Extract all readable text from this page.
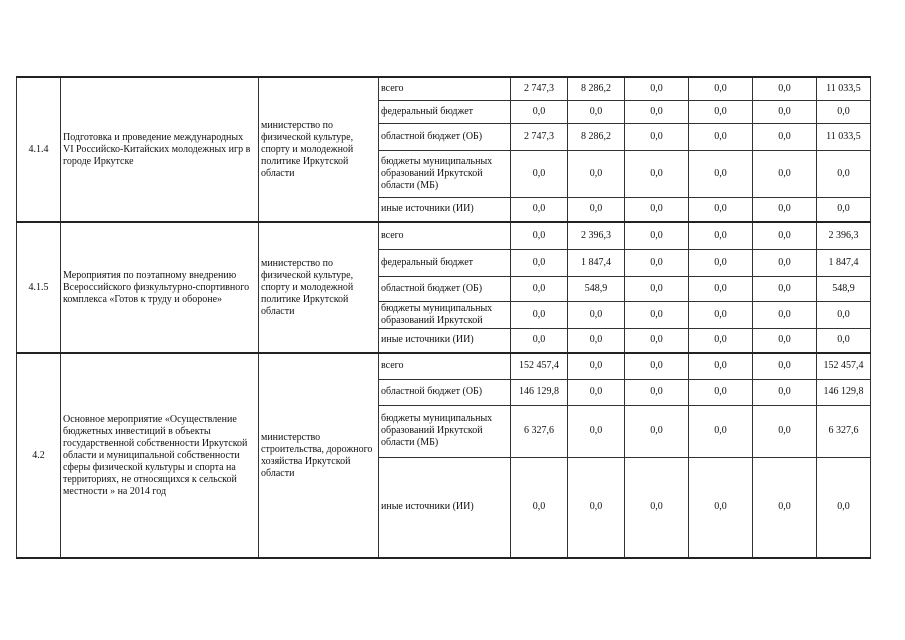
4.1.4	Подготовка и проведение международных VI Российско-Китайских молодежных игр в городе Иркутске	министерство по физической культуре, спорту и молодежной политике Иркутской области	всего	2 747,3	8 286,2	0,0	0,0	0,0	11 033,5
			федеральный бюджет	0,0	0,0	0,0	0,0	0,0	0,0
			областной бюджет (ОБ)	2 747,3	8 286,2	0,0	0,0	0,0	11 033,5
			бюджеты муниципальных образований Иркутской области (МБ)	0,0	0,0	0,0	0,0	0,0	0,0
			иные источники (ИИ)	0,0	0,0	0,0	0,0	0,0	0,0
4.1.5	Мероприятия по поэтапному внедрению Всероссийского физкультурно-спортивного комплекса «Готов к труду и обороне»	министерство по физической культуре, спорту и молодежной политике Иркутской области	всего	0,0	2 396,3	0,0	0,0	0,0	2 396,3
			федеральный бюджет	0,0	1 847,4	0,0	0,0	0,0	1 847,4
			областной бюджет (ОБ)	0,0	548,9	0,0	0,0	0,0	548,9
			бюджеты муниципальных образований Иркутской	0,0	0,0	0,0	0,0	0,0	0,0
			иные источники (ИИ)	0,0	0,0	0,0	0,0	0,0	0,0
4.2	Основное мероприятие «Осуществление бюджетных инвестиций в объекты государственной собственности Иркутской области и муниципальной собственности сферы физической культуры и спорта на территориях, не относящихся к сельской местности » на 2014 год	министерство строительства, дорожного хозяйства Иркутской области	всего	152 457,4	0,0	0,0	0,0	0,0	152 457,4
			областной бюджет (ОБ)	146 129,8	0,0	0,0	0,0	0,0	146 129,8
			бюджеты муниципальных образований Иркутской области (МБ)	6 327,6	0,0	0,0	0,0	0,0	6 327,6
			иные источники (ИИ)	0,0	0,0	0,0	0,0	0,0	0,0
